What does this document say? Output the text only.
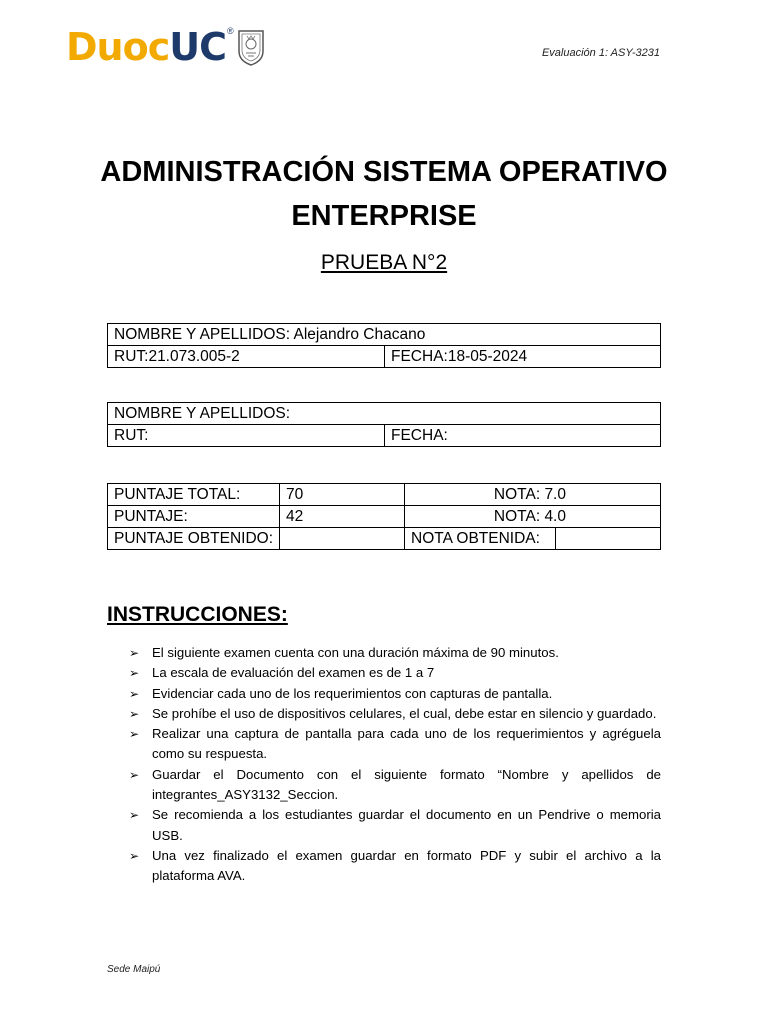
Duoc UC ®
Evaluación 1: ASY-3231
ADMINISTRACIÓN SISTEMA OPERATIVO
ENTERPRISE
PRUEBA N°2
NOMBRE Y APELLIDOS: Alejandro Chacano
RUT:21.073.005-2	FECHA:18-05-2024
NOMBRE Y APELLIDOS:
RUT:	FECHA:
PUNTAJE TOTAL:	70	NOTA: 7.0	
PUNTAJE:	42	NOTA: 4.0	
PUNTAJE OBTENIDO:		NOTA OBTENIDA:	
INSTRUCCIONES:
➢ El siguiente examen cuenta con una duración máxima de 90 minutos.
➢ La escala de evaluación del examen es de 1 a 7
➢ Evidenciar cada uno de los requerimientos con capturas de pantalla.
➢ Se prohíbe el uso de dispositivos celulares, el cual, debe estar en silencio y guardado.
➢ Realizar una captura de pantalla para cada uno de los requerimientos y agréguela como su respuesta.
➢ Guardar el Documento con el siguiente formato “Nombre y apellidos de integrantes_ASY3132_Seccion.
➢ Se recomienda a los estudiantes guardar el documento en un Pendrive o memoria USB.
➢ Una vez finalizado el examen guardar en formato PDF y subir el archivo a la plataforma AVA.
Sede Maipú
